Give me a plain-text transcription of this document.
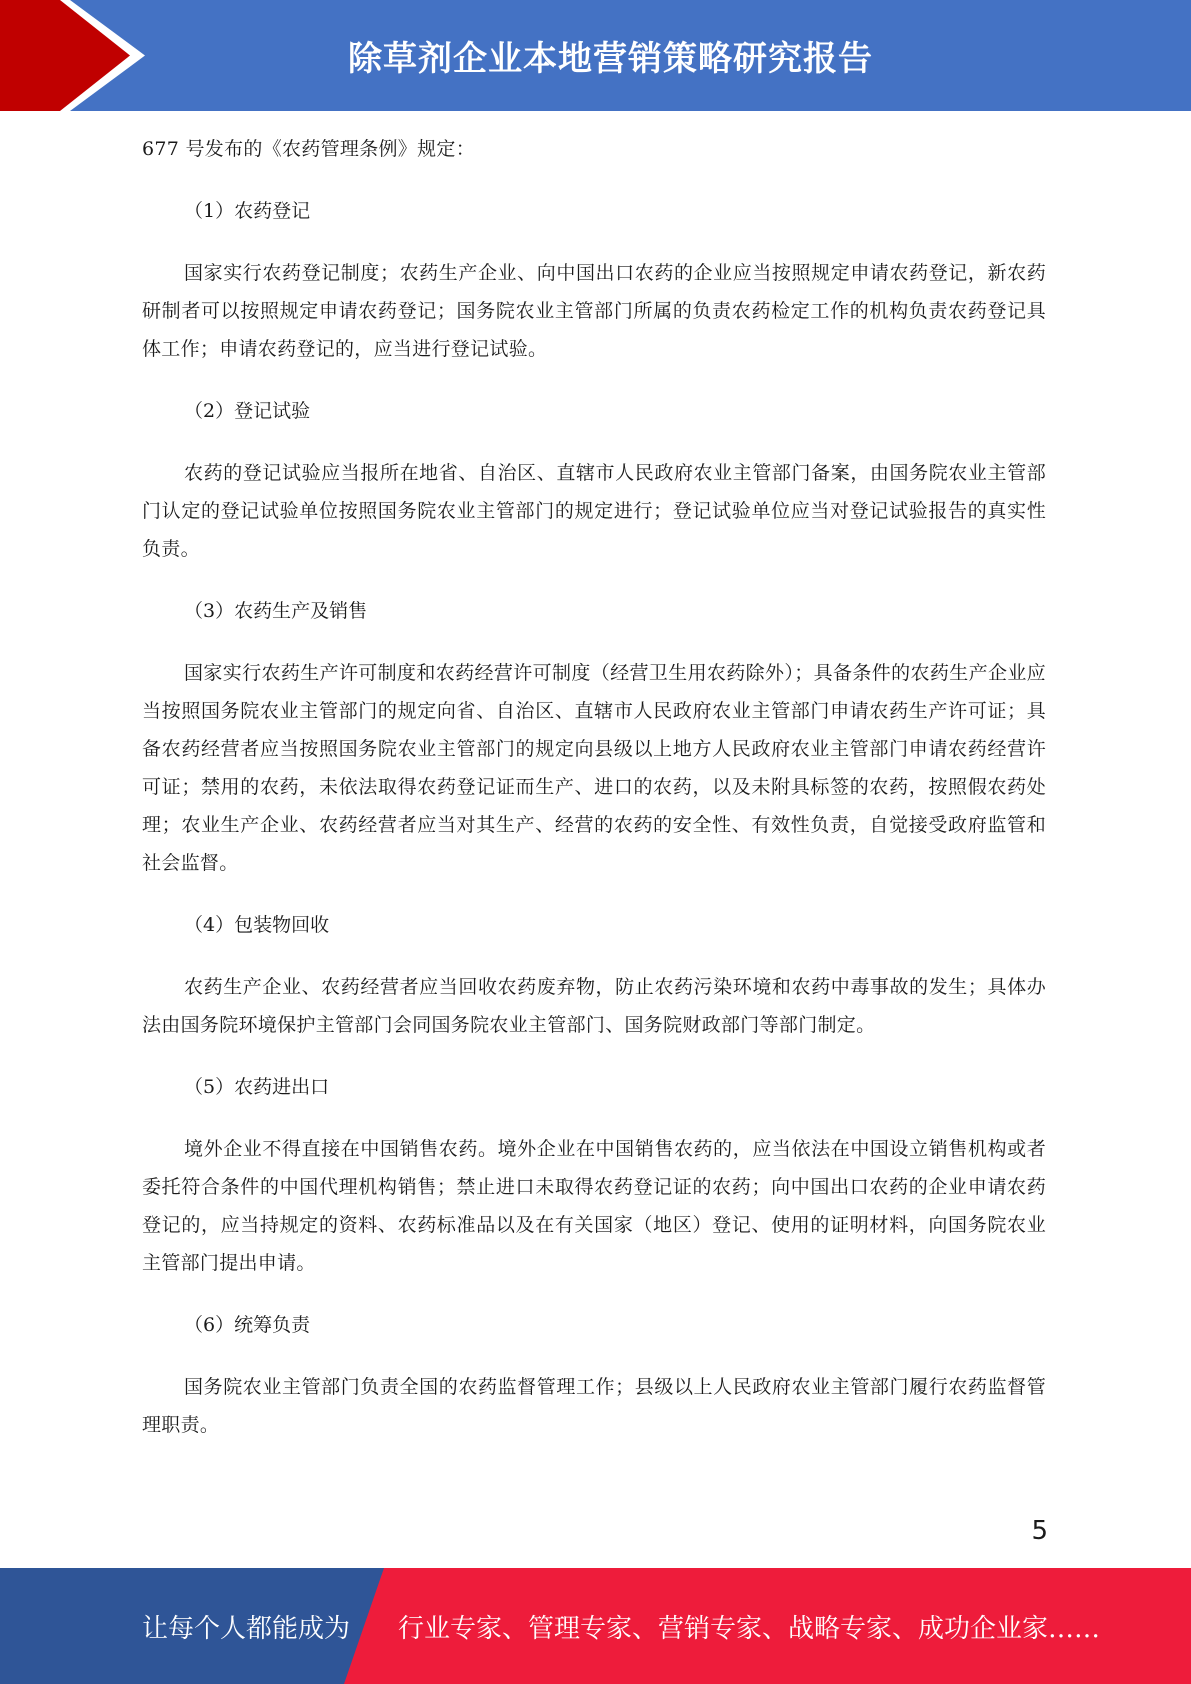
除草剂企业本地营销策略研究报告

677 号发布的《农药管理条例》规定：

（1）农药登记

国家实行农药登记制度；农药生产企业、向中国出口农药的企业应当按照规定申请农药登记，新农药研制者可以按照规定申请农药登记；国务院农业主管部门所属的负责农药检定工作的机构负责农药登记具体工作；申请农药登记的，应当进行登记试验。

（2）登记试验

农药的登记试验应当报所在地省、自治区、直辖市人民政府农业主管部门备案，由国务院农业主管部门认定的登记试验单位按照国务院农业主管部门的规定进行；登记试验单位应当对登记试验报告的真实性负责。

（3）农药生产及销售

国家实行农药生产许可制度和农药经营许可制度（经营卫生用农药除外）；具备条件的农药生产企业应当按照国务院农业主管部门的规定向省、自治区、直辖市人民政府农业主管部门申请农药生产许可证；具备农药经营者应当按照国务院农业主管部门的规定向县级以上地方人民政府农业主管部门申请农药经营许可证；禁用的农药，未依法取得农药登记证而生产、进口的农药，以及未附具标签的农药，按照假农药处理；农业生产企业、农药经营者应当对其生产、经营的农药的安全性、有效性负责，自觉接受政府监管和社会监督。

（4）包装物回收

农药生产企业、农药经营者应当回收农药废弃物，防止农药污染环境和农药中毒事故的发生；具体办法由国务院环境保护主管部门会同国务院农业主管部门、国务院财政部门等部门制定。

（5）农药进出口

境外企业不得直接在中国销售农药。境外企业在中国销售农药的，应当依法在中国设立销售机构或者委托符合条件的中国代理机构销售；禁止进口未取得农药登记证的农药；向中国出口农药的企业申请农药登记的，应当持规定的资料、农药标准品以及在有关国家（地区）登记、使用的证明材料，向国务院农业主管部门提出申请。

（6）统筹负责

国务院农业主管部门负责全国的农药监督管理工作；县级以上人民政府农业主管部门履行农药监督管理职责。

5
让每个人都能成为 行业专家、管理专家、营销专家、战略专家、成功企业家……
